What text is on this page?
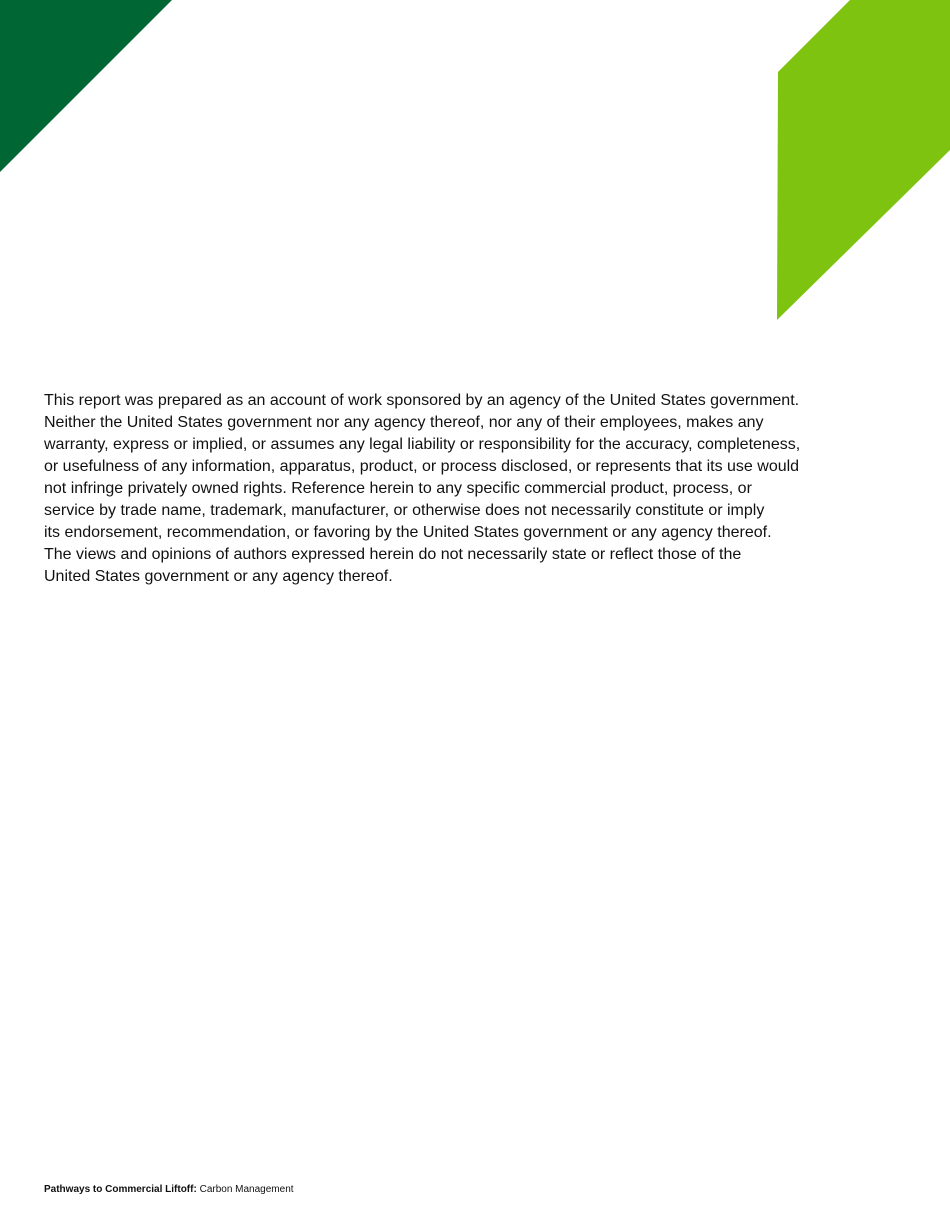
This report was prepared as an account of work sponsored by an agency of the United States government.
Neither the United States government nor any agency thereof, nor any of their employees, makes any
warranty, express or implied, or assumes any legal liability or responsibility for the accuracy, completeness,
or usefulness of any information, apparatus, product, or process disclosed, or represents that its use would
not infringe privately owned rights. Reference herein to any specific commercial product, process, or
service by trade name, trademark, manufacturer, or otherwise does not necessarily constitute or imply
its endorsement, recommendation, or favoring by the United States government or any agency thereof.
The views and opinions of authors expressed herein do not necessarily state or reflect those of the
United States government or any agency thereof.
Pathways to Commercial Liftoff: Carbon Management
